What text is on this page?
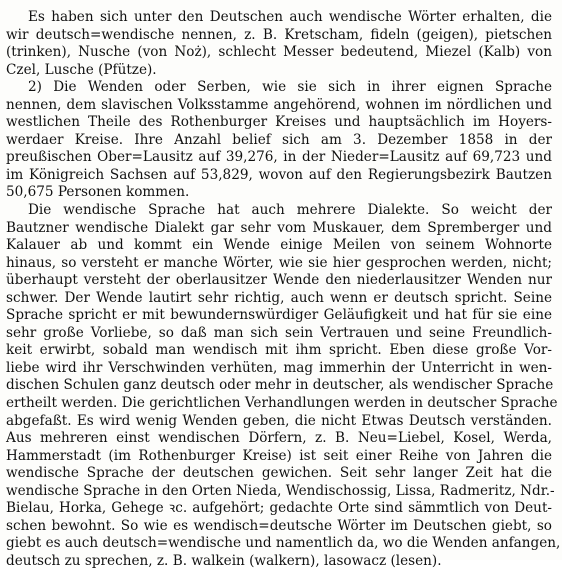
Es haben sich unter den Deutschen auch wendische Wörter erhalten, die
wir deutsch=wendische nennen, z. B. Kretscham, fideln (geigen), pietschen
(trinken), Nusche (von Noż), schlecht Messer bedeutend, Miezel (Kalb) von
Czel, Lusche (Pfütze).
2) Die Wenden oder Serben, wie sie sich in ihrer eignen Sprache
nennen, dem slavischen Volksstamme angehörend, wohnen im nördlichen und
westlichen Theile des Rothenburger Kreises und hauptsächlich im Hoyers-
werdaer Kreise. Ihre Anzahl belief sich am 3. Dezember 1858 in der
preußischen Ober=Lausitz auf 39,276, in der Nieder=Lausitz auf 69,723 und
im Königreich Sachsen auf 53,829, wovon auf den Regierungsbezirk Bautzen
50,675 Personen kommen.
Die wendische Sprache hat auch mehrere Dialekte. So weicht der
Bautzner wendische Dialekt gar sehr vom Muskauer, dem Spremberger und
Kalauer ab und kommt ein Wende einige Meilen von seinem Wohnorte
hinaus, so versteht er manche Wörter, wie sie hier gesprochen werden, nicht;
überhaupt versteht der oberlausitzer Wende den niederlausitzer Wenden nur
schwer. Der Wende lautirt sehr richtig, auch wenn er deutsch spricht. Seine
Sprache spricht er mit bewundernswürdiger Geläufigkeit und hat für sie eine
sehr große Vorliebe, so daß man sich sein Vertrauen und seine Freundlich-
keit erwirbt, sobald man wendisch mit ihm spricht. Eben diese große Vor-
liebe wird ihr Verschwinden verhüten, mag immerhin der Unterricht in wen-
dischen Schulen ganz deutsch oder mehr in deutscher, als wendischer Sprache
ertheilt werden. Die gerichtlichen Verhandlungen werden in deutscher Sprache
abgefaßt. Es wird wenig Wenden geben, die nicht Etwas Deutsch verständen.
Aus mehreren einst wendischen Dörfern, z. B. Neu=Liebel, Kosel, Werda,
Hammerstadt (im Rothenburger Kreise) ist seit einer Reihe von Jahren die
wendische Sprache der deutschen gewichen. Seit sehr langer Zeit hat die
wendische Sprache in den Orten Nieda, Wendischossig, Lissa, Radmeritz, Ndr.-
Bielau, Horka, Gehege ꝛc. aufgehört; gedachte Orte sind sämmtlich von Deut-
schen bewohnt. So wie es wendisch=deutsche Wörter im Deutschen giebt, so
giebt es auch deutsch=wendische und namentlich da, wo die Wenden anfangen,
deutsch zu sprechen, z. B. walkein (walkern), lasowacz (lesen).
